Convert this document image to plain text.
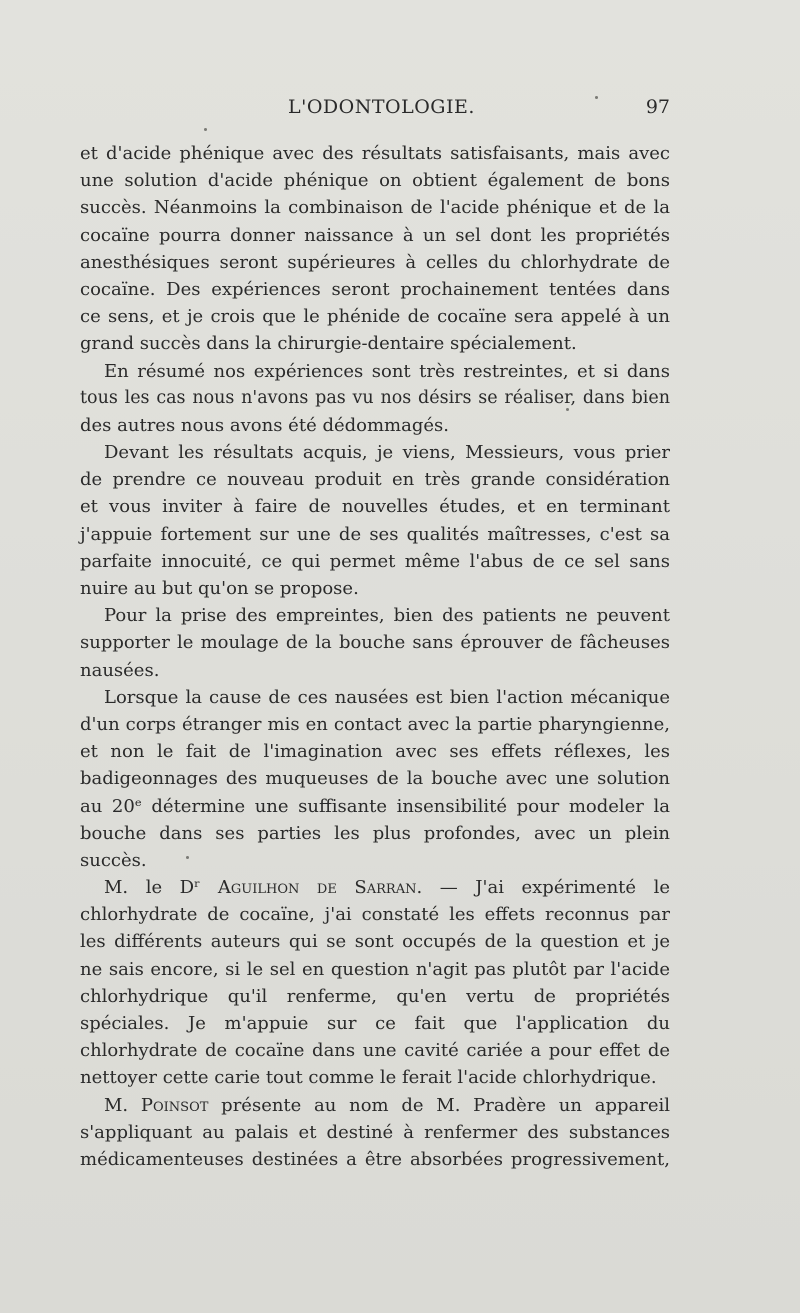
L'ODONTOLOGIE.	97
et d'acide phénique avec des résultats satisfaisants, mais avec
une solution d'acide phénique on obtient également de bons
succès. Néanmoins la combinaison de l'acide phénique et de la
cocaïne pourra donner naissance à un sel dont les propriétés
anesthésiques seront supérieures à celles du chlorhydrate de
cocaïne. Des expériences seront prochainement tentées dans
ce sens, et je crois que le phénide de cocaïne sera appelé à un
grand succès dans la chirurgie-dentaire spécialement.
En résumé nos expériences sont très restreintes, et si dans
tous les cas nous n'avons pas vu nos désirs se réaliser, dans bien
des autres nous avons été dédommagés.
Devant les résultats acquis, je viens, Messieurs, vous prier
de prendre ce nouveau produit en très grande considération
et vous inviter à faire de nouvelles études, et en terminant
j'appuie fortement sur une de ses qualités maîtresses, c'est sa
parfaite innocuité, ce qui permet même l'abus de ce sel sans
nuire au but qu'on se propose.
Pour la prise des empreintes, bien des patients ne peuvent
supporter le moulage de la bouche sans éprouver de fâcheuses
nausées.
Lorsque la cause de ces nausées est bien l'action mécanique
d'un corps étranger mis en contact avec la partie pharyngienne,
et non le fait de l'imagination avec ses effets réflexes, les
badigeonnages des muqueuses de la bouche avec une solution
au 20ᵉ détermine une suffisante insensibilité pour modeler la
bouche dans ses parties les plus profondes, avec un plein
succès.
M. le Dʳ Aguilhon de Sarran. — J'ai expérimenté le
chlorhydrate de cocaïne, j'ai constaté les effets reconnus par
les différents auteurs qui se sont occupés de la question et je
ne sais encore, si le sel en question n'agit pas plutôt par l'acide
chlorhydrique qu'il renferme, qu'en vertu de propriétés
spéciales. Je m'appuie sur ce fait que l'application du
chlorhydrate de cocaïne dans une cavité cariée a pour effet de
nettoyer cette carie tout comme le ferait l'acide chlorhydrique.
M. Poinsot présente au nom de M. Pradère un appareil
s'appliquant au palais et destiné à renfermer des substances
médicamenteuses destinées a être absorbées progressivement,
